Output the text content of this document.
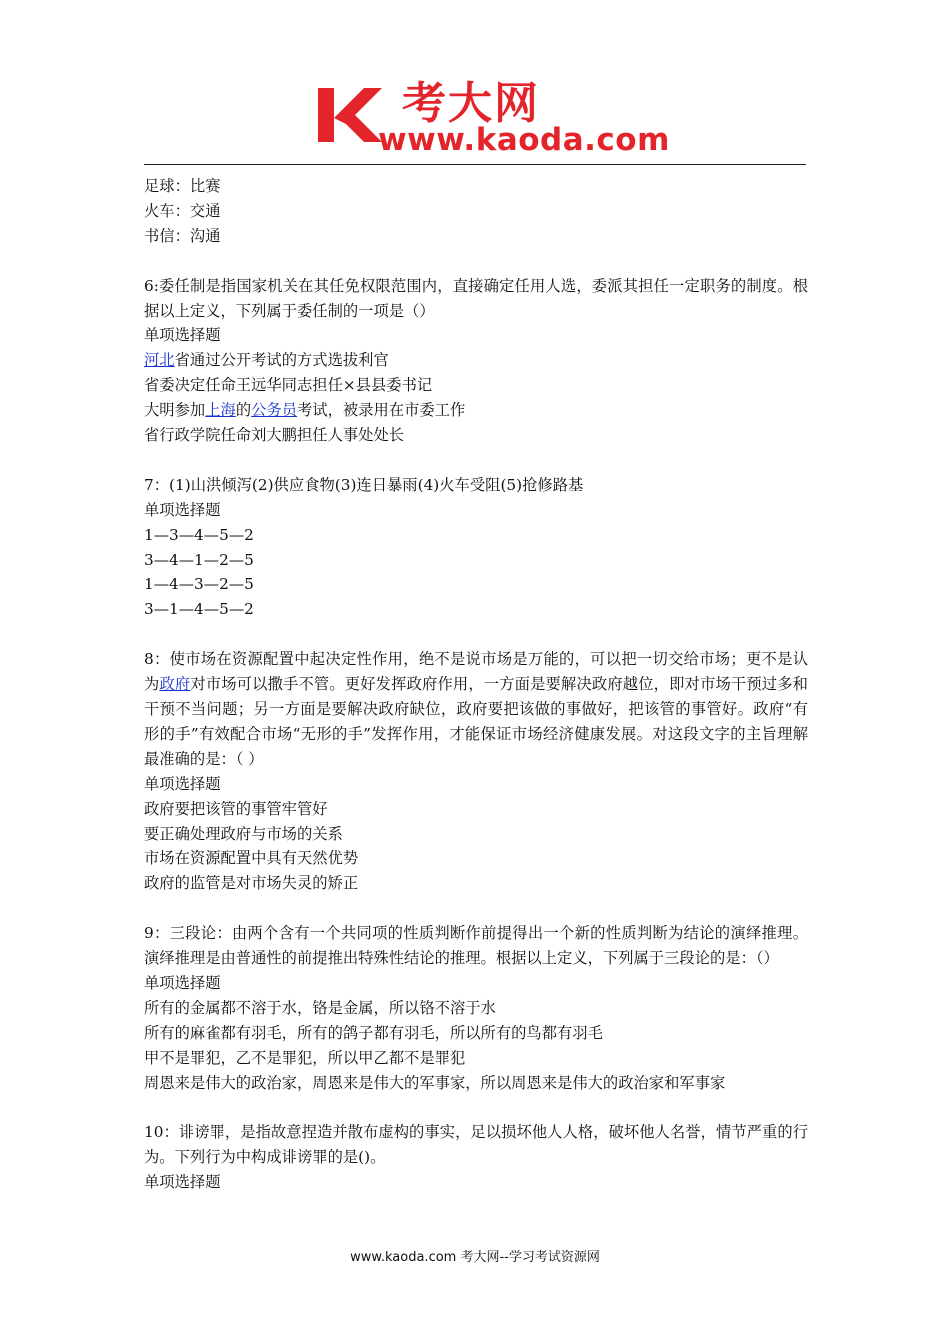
考大网
www.kaoda.com

足球：比赛

火车：交通

书信：沟通

6:委任制是指国家机关在其任免权限范围内，直接确定任用人选，委派其担任一定职务的制度。根据以上定义，下列属于委任制的一项是（）

单项选择题

河北省通过公开考试的方式选拔利官

省委决定任命王远华同志担任×县县委书记

大明参加上海的公务员考试，被录用在市委工作

省行政学院任命刘大鹏担任人事处处长

7：(1)山洪倾泻(2)供应食物(3)连日暴雨(4)火车受阻(5)抢修路基

单项选择题

1—3—4—5—2

3—4—1—2—5

1—4—3—2—5

3—1—4—5—2

8：使市场在资源配置中起决定性作用，绝不是说市场是万能的，可以把一切交给市场；更不是认为政府对市场可以撒手不管。更好发挥政府作用，一方面是要解决政府越位，即对市场干预过多和干预不当问题；另一方面是要解决政府缺位，政府要把该做的事做好，把该管的事管好。政府“有形的手”有效配合市场“无形的手”发挥作用，才能保证市场经济健康发展。对这段文字的主旨理解最准确的是：（ ）

单项选择题

政府要把该管的事管牢管好

要正确处理政府与市场的关系

市场在资源配置中具有天然优势

政府的监管是对市场失灵的矫正

9：三段论：由两个含有一个共同项的性质判断作前提得出一个新的性质判断为结论的演绎推理。演绎推理是由普通性的前提推出特殊性结论的推理。根据以上定义，下列属于三段论的是：（）

单项选择题

所有的金属都不溶于水，铬是金属，所以铬不溶于水

所有的麻雀都有羽毛，所有的鸽子都有羽毛，所以所有的鸟都有羽毛

甲不是罪犯，乙不是罪犯，所以甲乙都不是罪犯

周恩来是伟大的政治家，周恩来是伟大的军事家，所以周恩来是伟大的政治家和军事家

10：诽谤罪，是指故意捏造并散布虚构的事实，足以损坏他人人格，破坏他人名誉，情节严重的行为。下列行为中构成诽谤罪的是()。

单项选择题

www.kaoda.com 考大网--学习考试资源网
